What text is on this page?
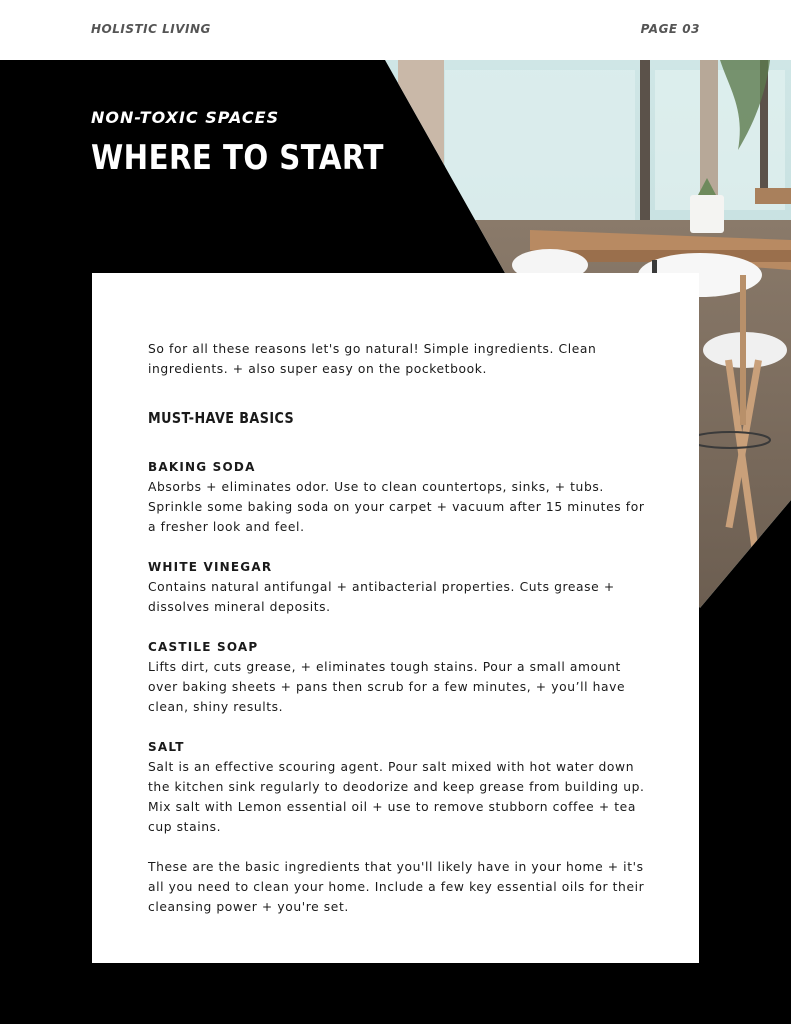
HOLISTIC LIVING	PAGE 03
NON-TOXIC SPACES
WHERE TO START

So for all these reasons let's go natural! Simple ingredients. Clean ingredients. + also super easy on the pocketbook.

MUST-HAVE BASICS
BAKING SODA

Absorbs + eliminates odor. Use to clean countertops, sinks, + tubs. Sprinkle some baking soda on your carpet + vacuum after 15 minutes for a fresher look and feel.

WHITE VINEGAR

Contains natural antifungal + antibacterial properties. Cuts grease + dissolves mineral deposits.

CASTILE SOAP

Lifts dirt, cuts grease, + eliminates tough stains. Pour a small amount over baking sheets + pans then scrub for a few minutes, + you’ll have clean, shiny results.

SALT

Salt is an effective scouring agent. Pour salt mixed with hot water down the kitchen sink regularly to deodorize and keep grease from building up. Mix salt with Lemon essential oil + use to remove stubborn coffee + tea cup stains.

These are the basic ingredients that you'll likely have in your home + it's all you need to clean your home. Include a few key essential oils for their cleansing power + you're set.
